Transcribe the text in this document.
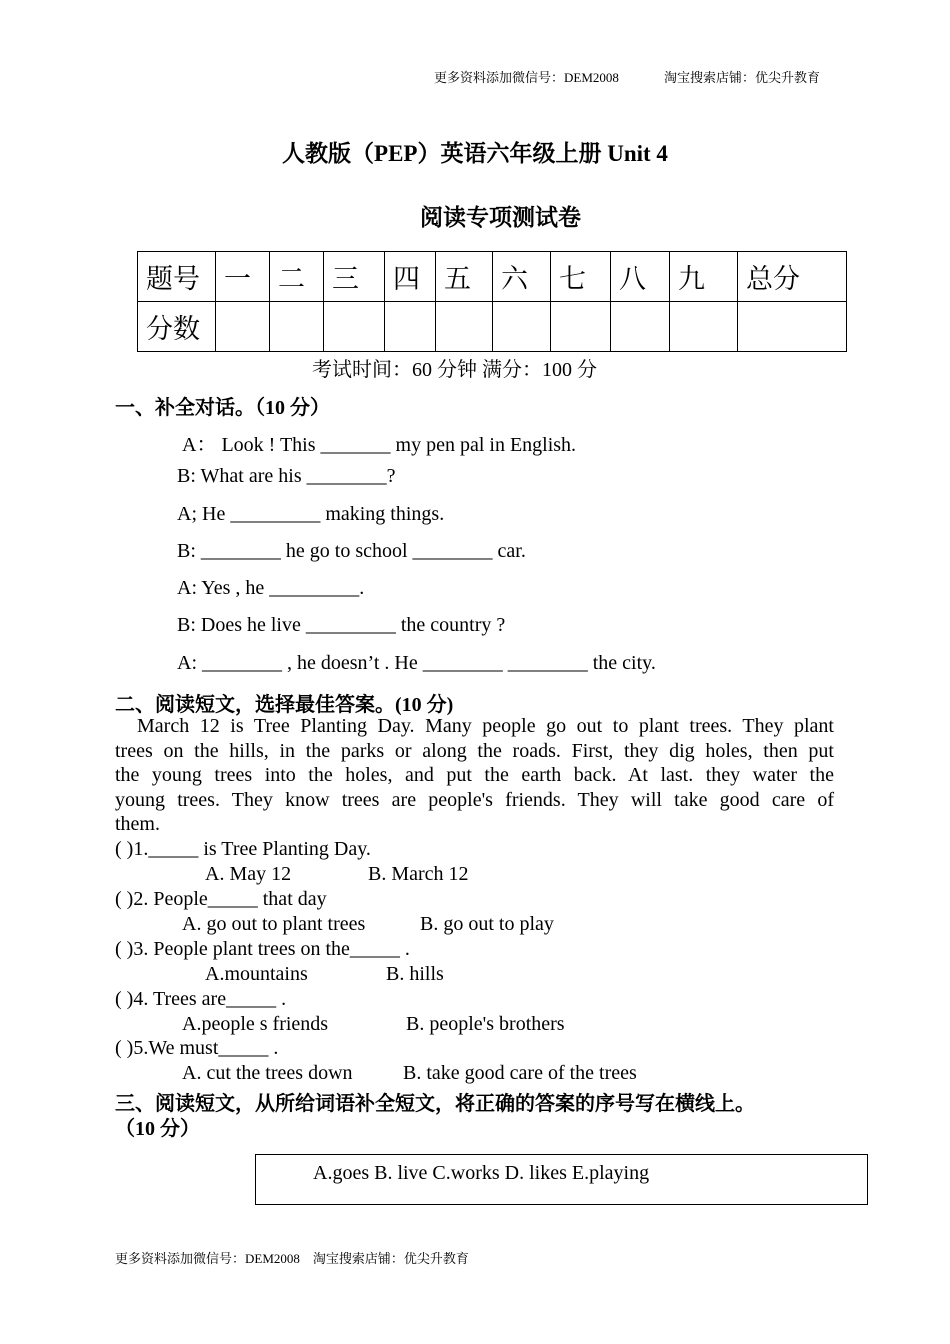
更多资料添加微信号：DEM2008	淘宝搜索店铺：优尖升教育
人教版（PEP）英语六年级上册 Unit 4
阅读专项测试卷
题号	一	二	三	四	五	六	七	八	九	总分
分数										
考试时间：60 分钟 满分：100 分
一、补全对话。（10 分）
A： Look ! This _______ my pen pal in English.
B: What are his ________?
A; He _________ making things.
B: ________ he go to school ________ car.
A: Yes , he _________.
B: Does he live _________ the country ?
A: ________ , he doesn’t . He ________ ________ the city.
二、阅读短文，选择最佳答案。(10 分)
March 12 is Tree Planting Day. Many people go out to plant trees. They plant
trees on the hills, in the parks or along the roads. First, they dig holes, then put
the young trees into the holes, and put the earth back. At last. they water the
young trees. They know trees are people's friends. They will take good care of
them.
( )1._____ is Tree Planting Day.
A. May 12	B. March 12
( )2. People_____ that day
A. go out to plant trees	B. go out to play
( )3. People plant trees on the_____ .
A.mountains	B. hills
( )4. Trees are_____ .
A.people s friends	B. people's brothers
( )5.We must_____ .
A. cut the trees down	B. take good care of the trees
三、阅读短文，从所给词语补全短文，将正确的答案的序号写在横线上。
（10 分）
A.goes B. live C.works D. likes E.playing
更多资料添加微信号：DEM2008    淘宝搜索店铺：优尖升教育
